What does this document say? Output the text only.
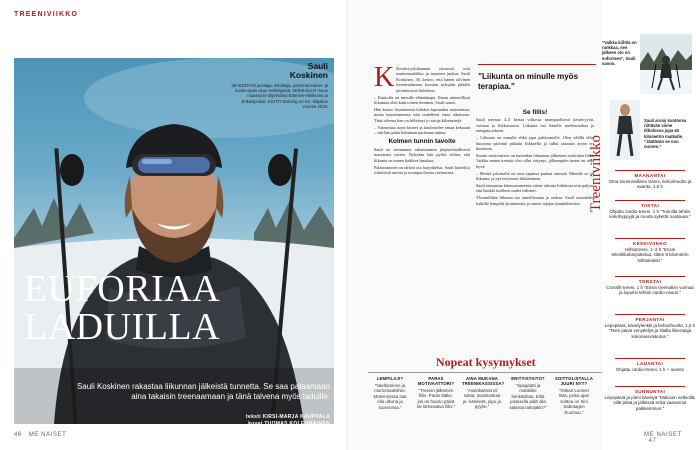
TREENIVIIKKO
Sauli
Koskinen
38-VUOTIAS juontaja, toimittaja, personal trainer- ja luonto-opas asuu Helsingissä. SEIKKAILUT muun muassa tv-ohjelmissa Erämies-retkikunta ja Erikoisjoukot. KOITTI Dancing on Ice -kilpailun vuonna 2019.
EUFORIAA LADUILLA
Sauli Koskinen rakastaa liikunnan jälkeistä tunnetta. Se saa palaamaan aina takaisin treenaamaan ja tänä talvena myös laduille.
teksti KIRSI-MARJA KAUPPALA
kuvat TUOMAS KOLEHMAINEN
46 ME NAISET
K Kestävyysliikunnan ytimessä ovat murtomaahiihto ja tasainen juoksu. Sauli Koskinen, 38, kertoo, että hänen talvinen treenirutiininsa koostuu nykyään pitkälti perinteisestä hiihdosta.

– Kuntoilu on minulle elämäntapa. Ilman säännöllistä liikuntaa olen kuin toinen ihminen, Sauli sanoo.

Hän kertoo löytäneensä hiihdon lapsuuden maisemista, mutta innostuneensa siitä uudelleen vasta aikuisena. Tänä talvena hän on hiihtänyt jo satoja kilometrejä.

– Vaimentaa arjen kiireet ja kuulostelee omaa kehoaan – sitä hän pitää liikunnan parhaana antina.

Kolmen tunnin tavoite

Sauli on treenannut aikaisemmin järjestelmällisesti maratonia varten. Nykyään hän pyrkii siihen, että liikunta on ennen kaikkea hauskaa.

Palautuminen on tärkeä osa harjoittelua. Sauli huolehtii riittävästä unesta ja monipuolisesta ravinnosta.

”Liikunta on minulle myös terapiaa.”
Se fillis!

Sauli treenaa 4–5 kertaa viikossa monipuolisesti kestävyyttä, voimaa ja liikkuvuutta. Liikunta tuo hänelle mielenrauhaa ja energiaa arkeen.

– Liikunta on minulle ehkä jopa pakkomielle. Olen välillä ollut huonona päivänä pitkään liikkeellä ja tullut takaisin aivan eri ihmisenä.

Suurin motivaattori on kuitenkin liikunnan jälkeinen euforinen fiilis. Vaikka ennen treeniä olisi ollut väsynyt, jälkeenpäin tunne on aina hyvä.

– Meistä jokaisella on oma tapansa purkaa stressiä. Minulle se on liikunta, ja nyt erityisesti hiihtäminen.

Sauli tunnustaa kiinnostuneensa viime talvena hiihdosta niin paljon, että hankki itselleen uudet välineet.

Ylimmillään liikunta tuo onnellisuutta ja rauhaa. Sauli suosittelee kaikille lempeää aloittamista ja omien rajojen kuuntelemista.

Nopeat kysymykset
LEMPILAJI?
”Vaeltaminen ja murtomaahiihto. Molemmissa saa olla ulkona ja luonnossa.”
PARAS MOTIVAATTORI?
”Treenin jälkeinen fiilis. Paras lääke, jos on huono päivä tai stressaava fiilis.”
AINA MUKANA TREENIKASSISSA?
”Avainkaimat eli sukat, avaintostuut ja -käsineet, pipo ja pyyhe.”
ERITYISTAITO?
”Spagaatti ja mataliike kenkäsiltaa. Eikä jokaisella pidä olla salaisia taitojakin?”
SOITTOLISTALLA JUURI NYT?
”Oskari Loonen lista, jonka ajan soittoa on Sini Sabotagen Kuomuu.”
”Vaikka kiihtiä on rankkaa, sen jälkeen olo on euforinen”, Sauli sanoo.
Sauli arvioi kuntonsa riittävän viime tilholossa jopa 62 kilometrin matkalle. ”Jäätävän se oon nuoren.”
Treeniviikko	MAANANTAI
Oma toiminnallinen treeni, kehonhuolto ja avanto, 1,5 h
TIISTAI
Ohjattu cardio-treeni, 1 h ”Tunnilla tehtiin kokohyppyjä ja muuta sykettä nostavaa.”
KESKIVIIKKO
Hiihtotreeni, 1–2 h ”Ensin tekniikkaharjoittelua, sitten 8 kilometrin hiihtolenkki.”
TORSTAI
Crossfit-treeni, 1 h ”Ensin treenattiin voimaa ja lopuksi tehtiin cardio-osuus.”
PERJANTAI
Lepopäivä, kävelylenkki ja kehonhuolto, 1,5 h ”Teen päivä venyttelyä ja liitalla liikerataja kokonaisvaikutus.”
LAUANTAI
Ohjattu cardio-treeni, 1 h + avanto
SUNNUNTAI
Lepopäivä ja pieni kävelyä ”Maksoin seltsollä, sillä pitää ja jälleissä enkä vaarannut palkkemmun.”
ME NAISET   47
